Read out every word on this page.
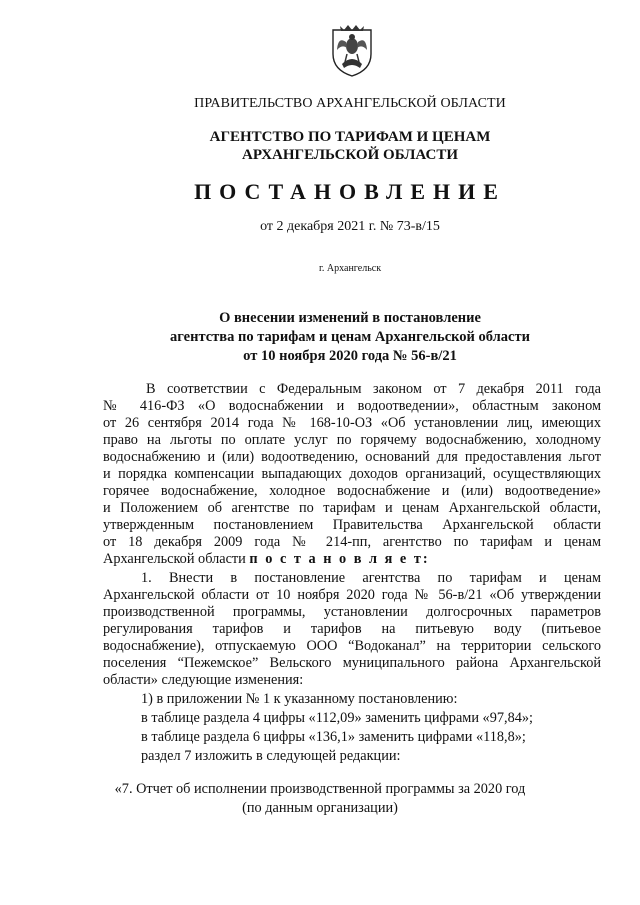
ПРАВИТЕЛЬСТВО АРХАНГЕЛЬСКОЙ ОБЛАСТИ
АГЕНТСТВО ПО ТАРИФАМ И ЦЕНАМ
АРХАНГЕЛЬСКОЙ ОБЛАСТИ
ПОСТАНОВЛЕНИЕ
от 2 декабря 2021 г. № 73-в/15
г. Архангельск
О внесении изменений в постановление
агентства по тарифам и ценам Архангельской области
от 10 ноября 2020 года № 56-в/21
В соответствии с Федеральным законом от 7 декабря 2011 года
№ 416-ФЗ «О водоснабжении и водоотведении», областным законом
от 26 сентября 2014 года № 168-10-ОЗ «Об установлении лиц, имеющих
право на льготы по оплате услуг по горячему водоснабжению, холодному
водоснабжению и (или) водоотведению, оснований для предоставления льгот
и порядка компенсации выпадающих доходов организаций, осуществляющих
горячее водоснабжение, холодное водоснабжение и (или) водоотведение»
и Положением об агентстве по тарифам и ценам Архангельской области,
утвержденным постановлением Правительства Архангельской области
от 18 декабря 2009 года № 214-пп, агентство по тарифам и ценам
Архангельской области п о с т а н о в л я е т:
1. Внести в постановление агентства по тарифам и ценам
Архангельской области от 10 ноября 2020 года № 56-в/21 «Об утверждении
производственной программы, установлении долгосрочных параметров
регулирования тарифов и тарифов на питьевую воду (питьевое
водоснабжение), отпускаемую ООО “Водоканал” на территории сельского
поселения “Пежемское” Вельского муниципального района Архангельской
области» следующие изменения:
1) в приложении № 1 к указанному постановлению:
в таблице раздела 4 цифры «112,09» заменить цифрами «97,84»;
в таблице раздела 6 цифры «136,1» заменить цифрами «118,8»;
раздел 7 изложить в следующей редакции:
«7. Отчет об исполнении производственной программы за 2020 год
(по данным организации)
